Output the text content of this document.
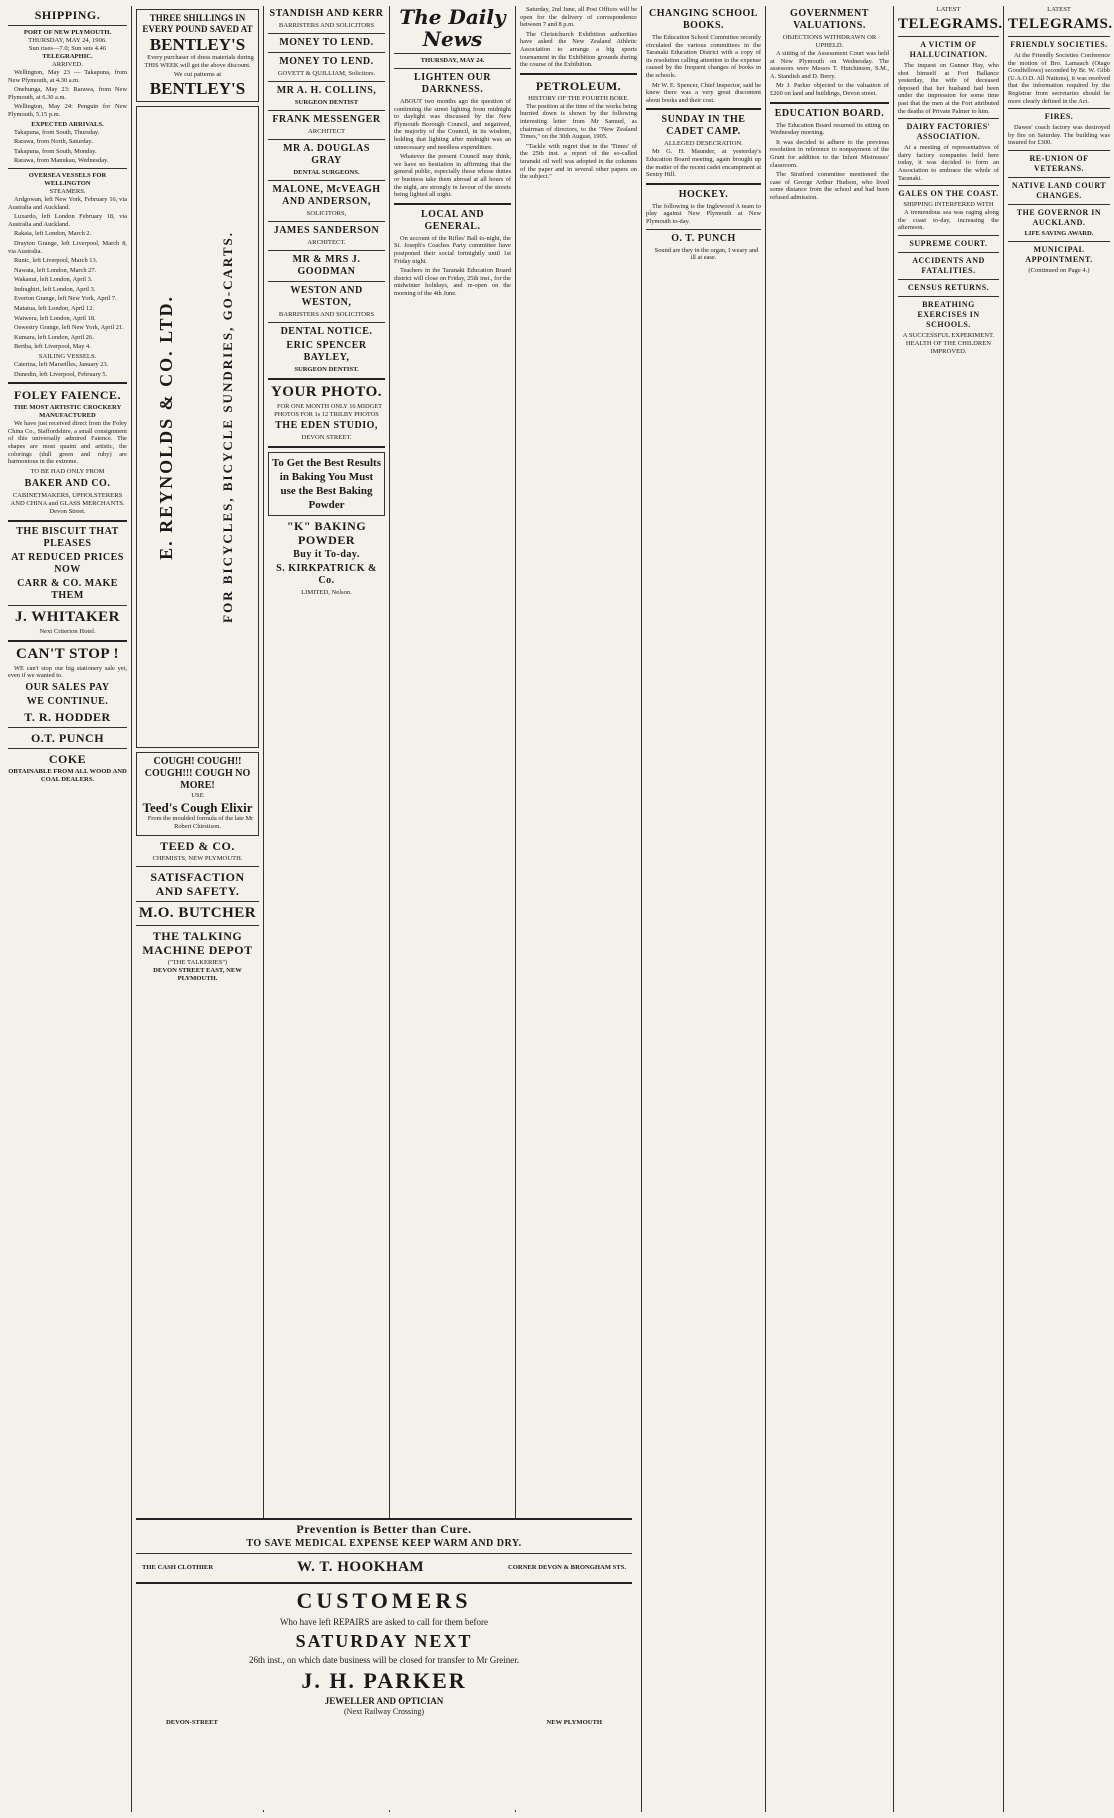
SHIPPING.
PORT OF NEW PLYMOUTH.
THURSDAY, MAY 24, 1906.
Sun rises—7.0; Sun sets 4.46
TELEGRAPHIC.
ARRIVED.

Wellington, May 23 — Takapuna, from New Plymouth, at 4.30 a.m.

Onehunga, May 23: Rarawa, from New Plymouth, at 6.30 a.m.

Wellington, May 24: Penguin for New Plymouth, 5.15 p.m.

EXPECTED ARRIVALS.

Takapuna, from South, Thursday.

Rarawa, from North, Saturday.

Takapuna, from South, Monday.

Rarawa, from Manukau, Wednesday.

OVERSEA VESSELS FOR WELLINGTON
STEAMERS.

Ardgowan, left New York, February 16, via Australia and Auckland.

Luxardo, left London February 18, via Australia and Auckland.

Rakaia, left London, March 2.

Drayton Grange, left Liverpool, March 8, via Australia.

Runic, left Liverpool, March 13.

Nawata, left London, March 27.

Wakanui, left London, April 3.

Indraghiri, left London, April 3.

Everton Grange, left New York, April 7.

Matatua, left London, April 12.

Waiwera, left London, April 18.

Oswestry Grange, left New York, April 21.

Kumara, left London, April 26.

Bertha, left Liverpool, May 4.

SAILING VESSELS.

Caterina, left Marseilles, January 23.

Dunedin, left Liverpool, February 5.

FOLEY FAIENCE.
THE MOST ARTISTIC CROCKERY MANUFACTURED

We have just received direct from the Foley China Co., Staffordshire, a small consignment of this universally admired Faience. The shapes are most quaint and artistic, the colorings (dull green and ruby) are harmonious in the extreme.

TO BE HAD ONLY FROM
BAKER AND CO.
CABINETMAKERS, UPHOLSTERERS AND CHINA and GLASS MERCHANTS.
Devon Street.
THE BISCUIT THAT PLEASES
AT REDUCED PRICES NOW
CARR & CO. MAKE THEM
J. WHITAKER
Next Criterion Hotel.
CAN'T STOP !

WE can't stop our big stationery sale yet, even if we wanted to.

OUR SALES PAY
WE CONTINUE.
T. R. HODDER
O.T. PUNCH
COKE
OBTAINABLE FROM ALL WOOD AND COAL DEALERS.
THREE SHILLINGS IN EVERY POUND SAVED AT
BENTLEY'S

Every purchaser of dress materials during THIS WEEK will get the above discount.

We cut patterns at
BENTLEY'S
E. REYNOLDS & CO. LTD.	FOR BICYCLES, BICYCLE SUNDRIES, GO-CARTS.
COUGH! COUGH!! COUGH!!! COUGH NO MORE!
USE
Teed's Cough Elixir

From the moulded formula of the late Mr Robert Chirstison.

TEED & CO.
CHEMISTS, NEW PLYMOUTH.
SATISFACTION AND SAFETY.
M.O. BUTCHER
THE TALKING MACHINE DEPOT
("THE TALKERIES")
DEVON STREET EAST, NEW PLYMOUTH.
STANDISH AND KERR
BARRISTERS AND SOLICITORS
MONEY TO LEND.
MONEY TO LEND.
GOVETT & QUILLIAM, Solicitors.
MR A. H. COLLINS,
SURGEON DENTIST
FRANK MESSENGER
ARCHITECT
MR A. DOUGLAS GRAY
DENTAL SURGEONS.
MALONE, McVEAGH AND ANDERSON,
SOLICITORS,
JAMES SANDERSON
ARCHITECT.
MR & MRS J. GOODMAN
WESTON AND WESTON,
BARRISTERS AND SOLICITORS
DENTAL NOTICE.
ERIC SPENCER BAYLEY,
SURGEON DENTIST.
YOUR PHOTO.

FOR ONE MONTH ONLY 16 MIDGET PHOTOS FOR 1s 12 TRILBY PHOTOS

THE EDEN STUDIO,
DEVON STREET.
To Get the Best Results in Baking You Must use the Best Baking Powder
"K" BAKING POWDER
Buy it To-day.
S. KIRKPATRICK & Co.
LIMITED, Nelson.
The Daily News
THURSDAY, MAY 24.
LIGHTEN OUR DARKNESS.

ABOUT two months ago the question of continuing the street lighting from midnight to daylight was discussed by the New Plymouth Borough Council, and negatived, the majority of the Council, in its wisdom, holding that lighting after midnight was an unnecessary and needless expenditure.

Whatever the present Council may think, we have no hesitation in affirming that the general public, especially those whose duties or business take them abroad at all hours of the night, are strongly in favour of the streets being lighted all night.

LOCAL AND GENERAL.

On account of the Rifles' Ball to-night, the St. Joseph's Coaches Party committee have postponed their social fortnightly until 1st Friday night.

Teachers in the Taranaki Education Board district will close on Friday, 25th inst., for the midwinter holidays, and re-open on the morning of the 4th June.

Saturday, 2nd June, all Post Offices will be open for the delivery of correspondence between 7 and 8 p.m.

The Christchurch Exhibition authorities have asked the New Zealand Athletic Association to arrange a big sports tournament in the Exhibition grounds during the course of the Exhibition.

PETROLEUM.
HISTORY OF THE FOURTH BORE.

The position at the time of the works being hurried down is shown by the following interesting letter from Mr Samuel, as chairman of directors, to the "New Zealand Times," on the 30th August, 1905.

"Tackle with regret that in the 'Times' of the 25th inst. a report of the so-called taranaki oil well was adopted in the columns of the paper and in several other papers on the subject."

CHANGING SCHOOL BOOKS.

The Education School Committee recently circulated the various committees in the Taranaki Education District with a copy of its resolution calling attention to the expense caused by the frequent changes of books in the schools.

Mr W. E. Spencer, Chief Inspector, said he knew there was a very great discontent about books and their cost.

SUNDAY IN THE CADET CAMP.
ALLEGED DESECRATION.

Mr G. H. Maunder, at yesterday's Education Board meeting, again brought up the matter of the recent cadet encampment at Sentry Hill.

HOCKEY.

The following is the Inglewood A team to play against New Plymouth at New Plymouth to-day.

O. T. PUNCH

Sound are they in the organ, I weary and ill at ease.

GOVERNMENT VALUATIONS.
OBJECTIONS WITHDRAWN OR UPHELD.

A sitting of the Assessment Court was held at New Plymouth on Wednesday. The assessors were Messrs T. Hutchinson, S.M., A. Standish and D. Berry.

Mr J. Parker objected to the valuation of £260 on land and buildings, Devon street.

EDUCATION BOARD.

The Education Board resumed its sitting on Wednesday morning.

It was decided to adhere to the previous resolution in reference to nonpayment of the Grant for addition to the Infant Mistresses' classroom.

The Stratford committee mentioned the case of George Arthur Hudson, who lived some distance from the school and had been refused admission.

LATEST
TELEGRAMS.
A VICTIM OF HALLUCINATION.

The inquest on Gunner Hay, who shot himself at Fort Ballance yesterday, the wife of deceased deposed that her husband had been under the impression for some time past that the men at the Fort attributed the deaths of Private Palmer to him.

DAIRY FACTORIES' ASSOCIATION.

At a meeting of representatives of dairy factory companies held here today, it was decided to form an Association to embrace the whole of Taranaki.

GALES ON THE COAST.
SHIPPING INTERFERED WITH

A tremendous sea was raging along the coast to-day, increasing the afternoon.

SUPREME COURT.
ACCIDENTS AND FATALITIES.
CENSUS RETURNS.
BREATHING EXERCISES IN SCHOOLS.
A SUCCESSFUL EXPERIMENT. HEALTH OF THE CHILDREN IMPROVED.
LATEST
TELEGRAMS.
FRIENDLY SOCIETIES.

At the Friendly Societies Conference the motion of Bro. Lamaach (Otago Goodfellows) seconded by Br. W. Gibb (U.A.O.D. All Nations), it was resolved that the information required by the Registrar from secretaries should be more clearly defined in the Act.

FIRES.

Dawes' coach factory was destroyed by fire on Saturday. The building was insured for £300.

RE-UNION OF VETERANS.
NATIVE LAND COURT CHANGES.
THE GOVERNOR IN AUCKLAND.
LIFE SAVING AWARD.
MUNICIPAL APPOINTMENT.
(Continued on Page 4.)
Prevention is Better than Cure.
TO SAVE MEDICAL EXPENSE KEEP WARM AND DRY.
THE CASH CLOTHIER	W. T. HOOKHAM	CORNER DEVON & BRONGHAM STS.
CUSTOMERS
Who have left REPAIRS are asked to call for them before
SATURDAY NEXT
26th inst., on which date business will be closed for transfer to Mr Greiner.
J. H. PARKER
JEWELLER AND OPTICIAN
(Next Railway Crossing)
DEVON-STREET	NEW PLYMOUTH
